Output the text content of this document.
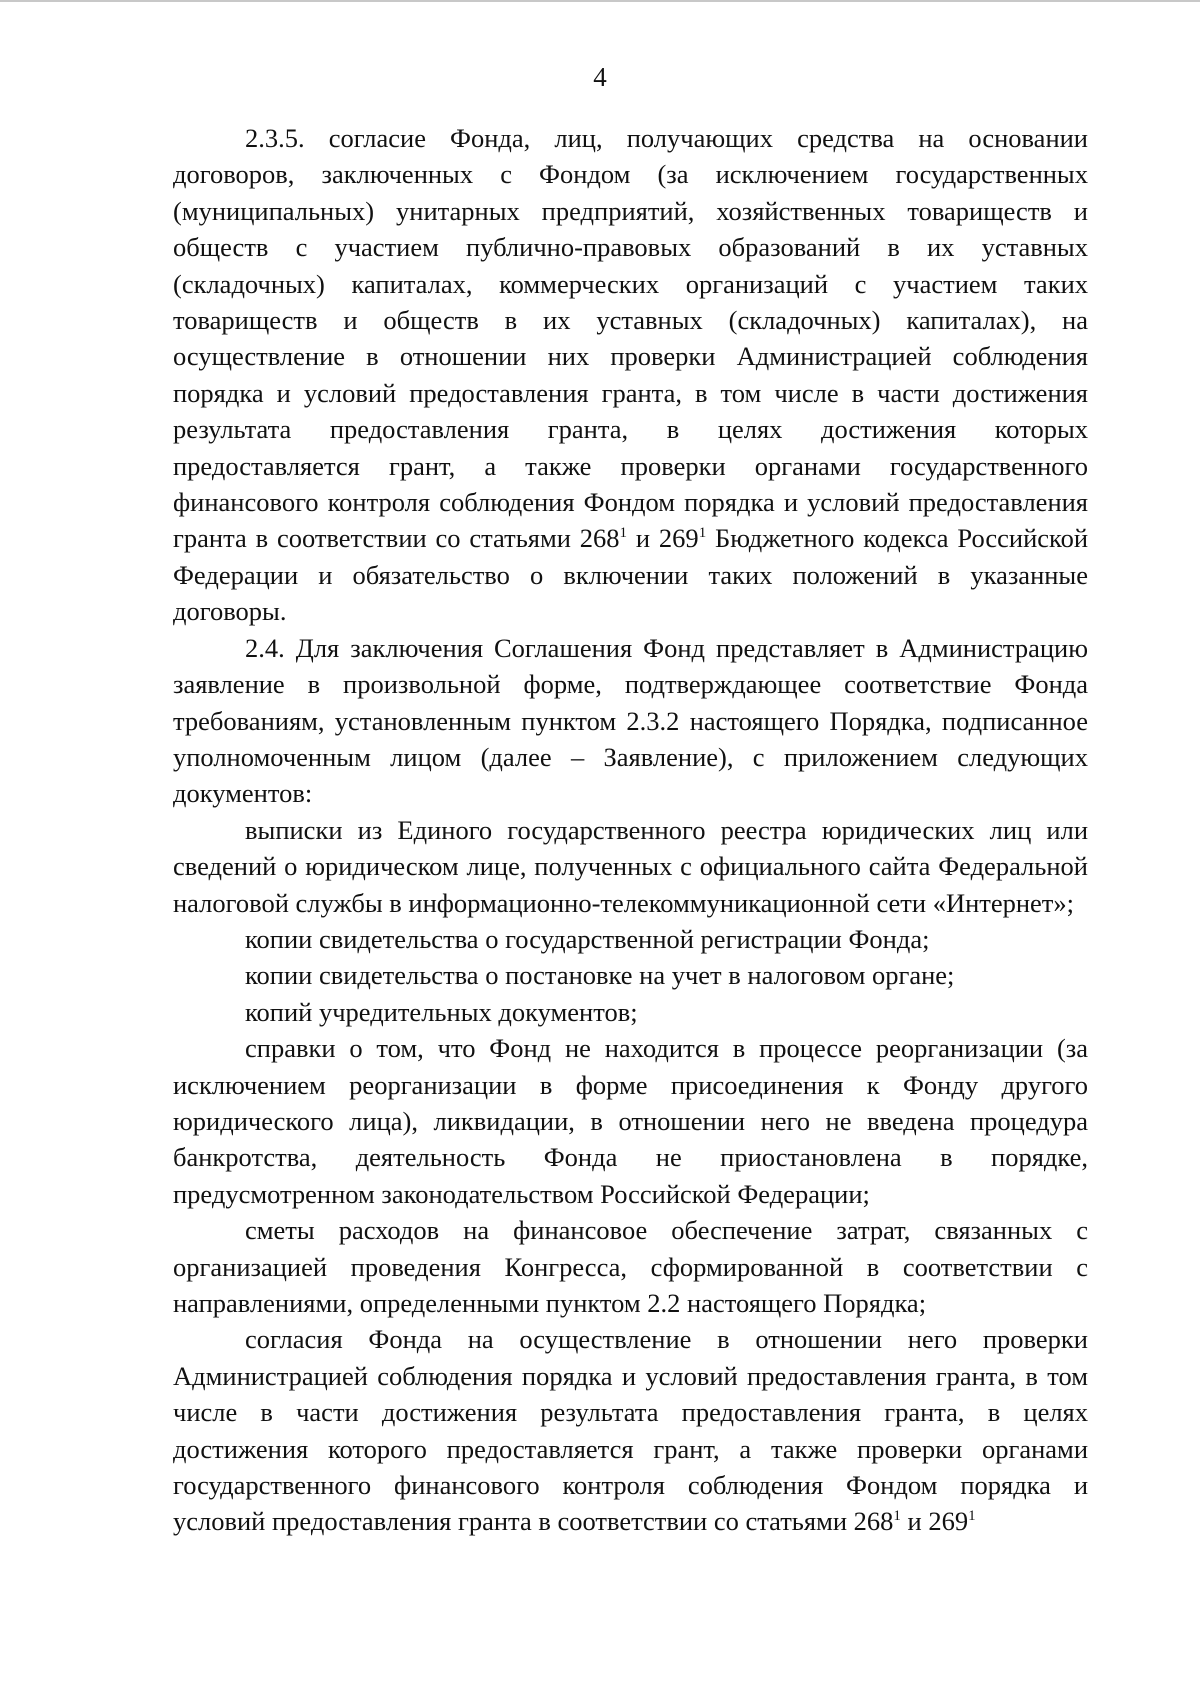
4

2.3.5. согласие Фонда, лиц, получающих средства на основании договоров, заключенных с Фондом (за исключением государственных (муниципальных) унитарных предприятий, хозяйственных товариществ и обществ с участием публично-правовых образований в их уставных (складочных) капиталах, коммерческих организаций с участием таких товариществ и обществ в их уставных (складочных) капиталах), на осуществление в отношении них проверки Администрацией соблюдения порядка и условий предоставления гранта, в том числе в части достижения результата предоставления гранта, в целях достижения которых предоставляется грант, а также проверки органами государственного финансового контроля соблюдения Фондом порядка и условий предоставления гранта в соответствии со статьями $268^1$ и $269^1$ Бюджетного кодекса Российской Федерации и обязательство о включении таких положений в указанные договоры.

2.4. Для заключения Соглашения Фонд представляет в Администрацию заявление в произвольной форме, подтверждающее соответствие Фонда требованиям, установленным пунктом 2.3.2 настоящего Порядка, подписанное уполномоченным лицом (далее – Заявление), с приложением следующих документов:

выписки из Единого государственного реестра юридических лиц или сведений о юридическом лице, полученных с официального сайта Федеральной налоговой службы в информационно-телекоммуникационной сети «Интернет»;

копии свидетельства о государственной регистрации Фонда;

копии свидетельства о постановке на учет в налоговом органе;

копий учредительных документов;

справки о том, что Фонд не находится в процессе реорганизации (за исключением реорганизации в форме присоединения к Фонду другого юридического лица), ликвидации, в отношении него не введена процедура банкротства, деятельность Фонда не приостановлена в порядке, предусмотренном законодательством Российской Федерации;

сметы расходов на финансовое обеспечение затрат, связанных с организацией проведения Конгресса, сформированной в соответствии с направлениями, определенными пунктом 2.2 настоящего Порядка;

согласия Фонда на осуществление в отношении него проверки Администрацией соблюдения порядка и условий предоставления гранта, в том числе в части достижения результата предоставления гранта, в целях достижения которого предоставляется грант, а также проверки органами государственного финансового контроля соблюдения Фондом порядка и условий предоставления гранта в соответствии со статьями $268^1$ и $269^1$
